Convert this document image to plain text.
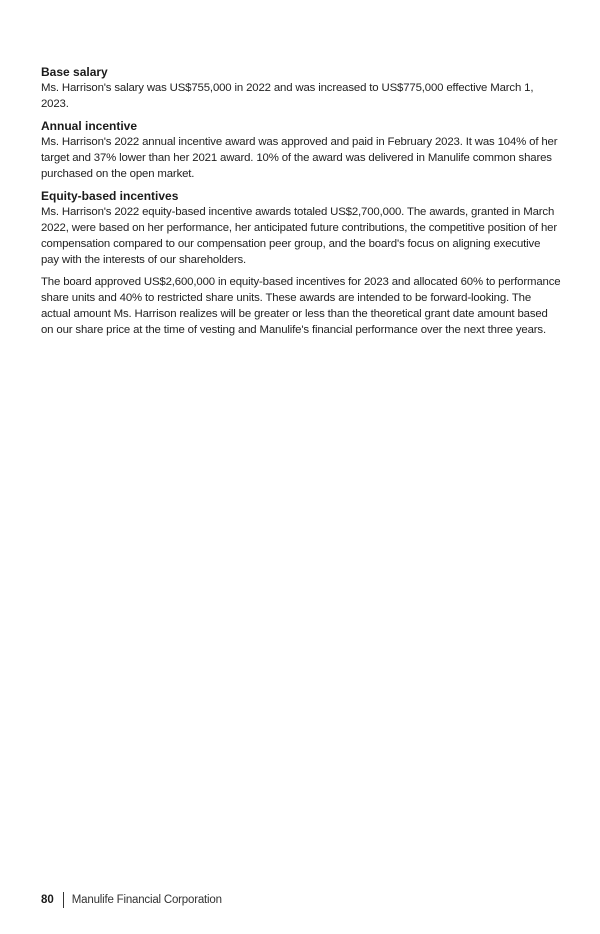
Base salary

Ms. Harrison's salary was US$755,000 in 2022 and was increased to US$775,000 effective March 1, 2023.

Annual incentive

Ms. Harrison's 2022 annual incentive award was approved and paid in February 2023. It was 104% of her target and 37% lower than her 2021 award. 10% of the award was delivered in Manulife common shares purchased on the open market.

Equity-based incentives

Ms. Harrison's 2022 equity-based incentive awards totaled US$2,700,000. The awards, granted in March 2022, were based on her performance, her anticipated future contributions, the competitive position of her compensation compared to our compensation peer group, and the board's focus on aligning executive pay with the interests of our shareholders.

The board approved US$2,600,000 in equity-based incentives for 2023 and allocated 60% to performance share units and 40% to restricted share units. These awards are intended to be forward-looking. The actual amount Ms. Harrison realizes will be greater or less than the theoretical grant date amount based on our share price at the time of vesting and Manulife's financial performance over the next three years.

80 Manulife Financial Corporation
